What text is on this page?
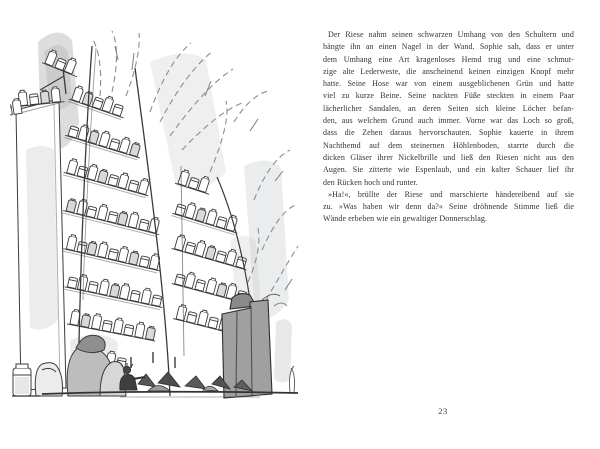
Der Riese nahm seinen schwarzen Umhang von den Schultern und
hängte ihn an einen Nagel in der Wand. Sophie sah, dass er unter
dem Umhang eine Art kragenloses Hemd trug und eine schmut-
zige alte Lederweste, die anscheinend keinen einzigen Knopf mehr
hatte. Seine Hose war von einem ausgeblichenen Grün und hatte
viel zu kurze Beine. Seine nackten Füße steckten in einem Paar
lächerlicher Sandalen, an deren Seiten sich kleine Löcher befan-
den, aus welchem Grund auch immer. Vorne war das Loch so groß,
dass die Zehen daraus hervorschauten. Sophie kauerte in ihrem
Nachthemd auf dem steinernen Höhlenboden, starrte durch die
dicken Gläser ihrer Nickelbrille und ließ den Riesen nicht aus den
Augen. Sie zitterte wie Espenlaub, und ein kalter Schauer lief ihr
den Rücken hoch und runter.
»Ha!«, brüllte der Riese und marschierte händereibend auf sie
zu. »Was haben wir denn da?« Seine dröhnende Stimme ließ die
Wände erbeben wie ein gewaltiger Donnerschlag.
23
